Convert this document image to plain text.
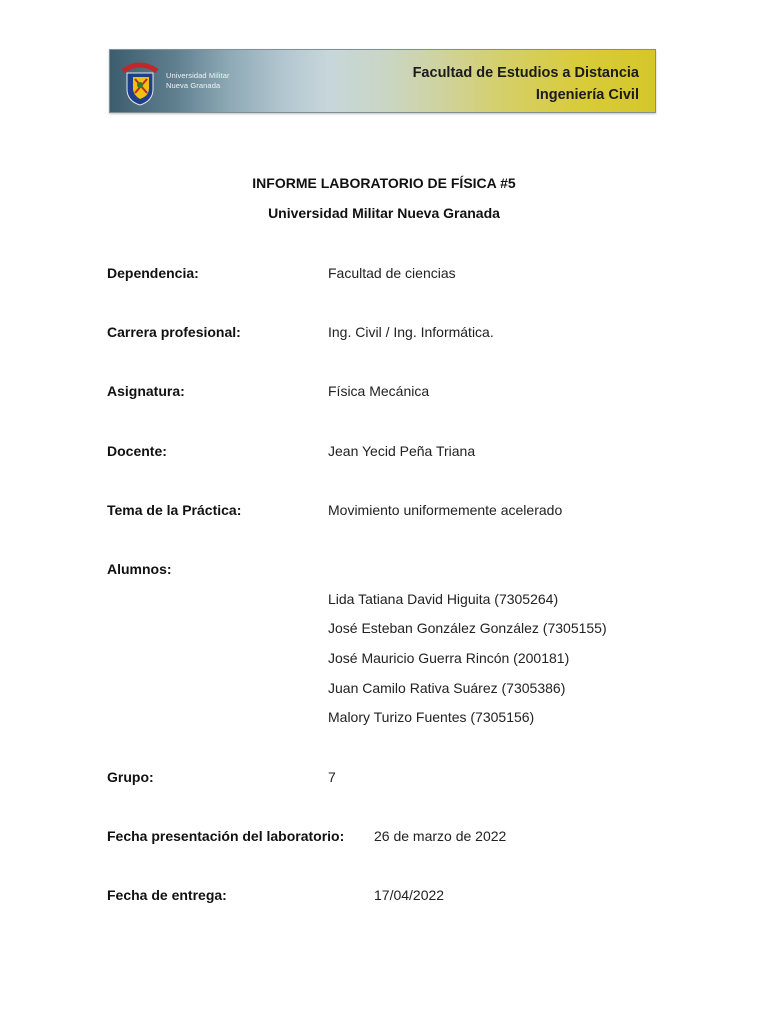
Universidad Militar
Nueva Granada
Facultad de Estudios a Distancia
Ingeniería Civil
INFORME LABORATORIO DE FÍSICA #5
Universidad Militar Nueva Granada
Dependencia:	Facultad de ciencias
Carrera profesional:	Ing. Civil / Ing. Informática.
Asignatura:	Física Mecánica
Docente:	Jean Yecid Peña Triana
Tema de la Práctica:	Movimiento uniformemente acelerado
Alumnos:
Lida Tatiana David Higuita (7305264)
José Esteban González González (7305155)
José Mauricio Guerra Rincón (200181)
Juan Camilo Rativa Suárez (7305386)
Malory Turizo Fuentes (7305156)
Grupo:	7
Fecha presentación del laboratorio: 26 de marzo de 2022
Fecha de entrega:	17/04/2022
